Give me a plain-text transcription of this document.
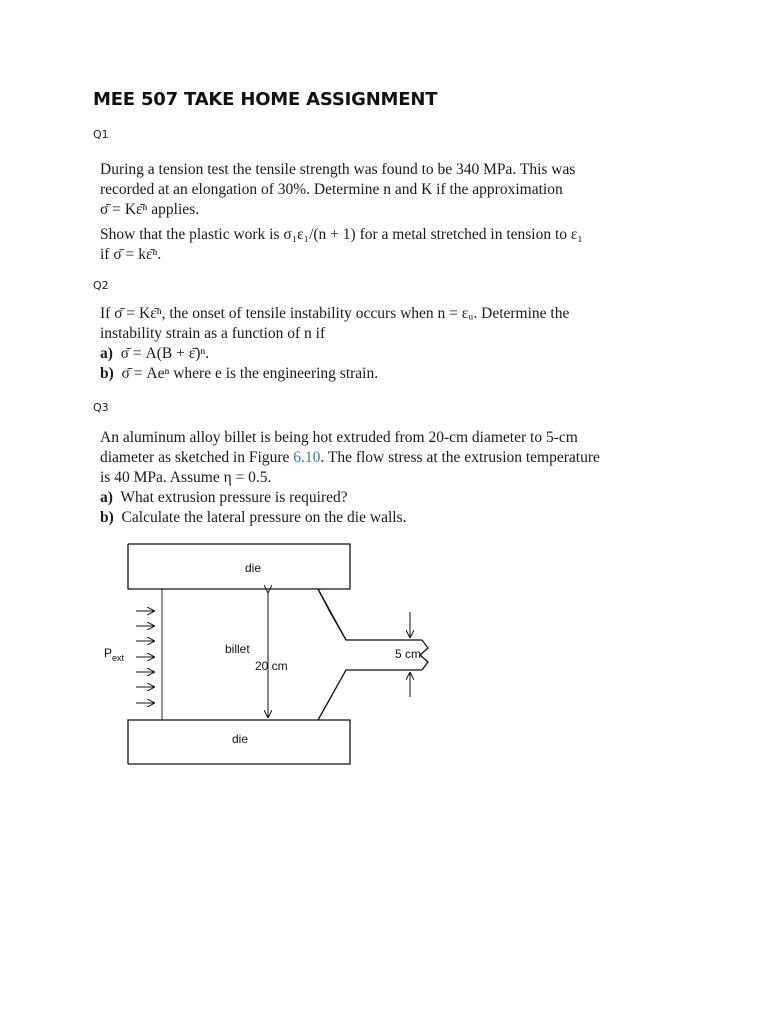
MEE 507 TAKE HOME ASSIGNMENT
Q1
During a tension test the tensile strength was found to be 340 MPa. This was
recorded at an elongation of 30%. Determine n and K if the approximation
σ̄ = Kε̄ⁿ applies.
Show that the plastic work is σ₁ε₁/(n + 1) for a metal stretched in tension to ε₁
if σ̄ = kε̄ⁿ.
Q2
If σ̄ = Kε̄ⁿ, the onset of tensile instability occurs when n = εᵤ. Determine the
instability strain as a function of n if
a) σ̄ = A(B + ε̄)ⁿ.
b) σ̄ = Aeⁿ where e is the engineering strain.
Q3
An aluminum alloy billet is being hot extruded from 20-cm diameter to 5-cm
diameter as sketched in Figure 6.10. The flow stress at the extrusion temperature
is 40 MPa. Assume η = 0.5.
a) What extrusion pressure is required?
b) Calculate the lateral pressure on the die walls.
die
die
billet
20 cm
5 cm
$P_{ext}$
